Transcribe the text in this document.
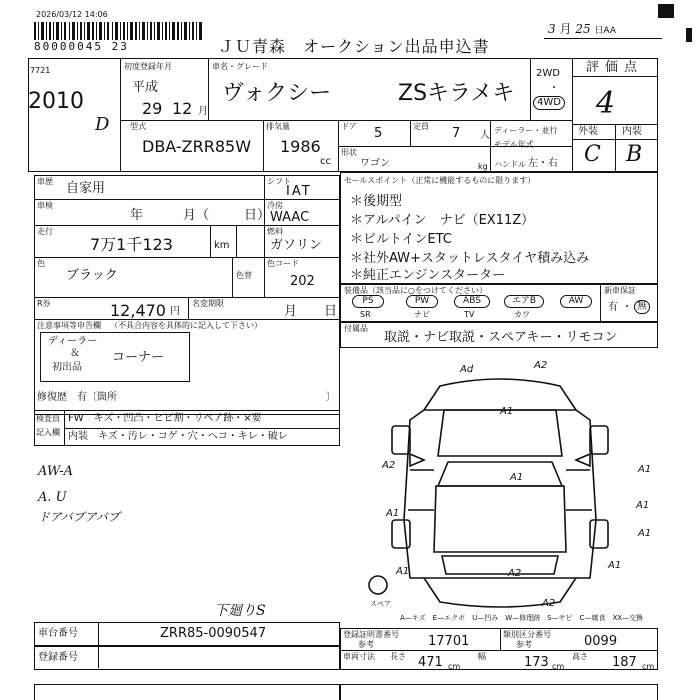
2026/03/12 14:06
80000045 23	ＪＵ青森　オークション出品申込書
3 月 25 日AA
7721
2010
D
初度登録年月
平成
29 12 月
車名・グレード
ヴォクシー	ZSキラメキ
2WD
・
4WD
評価点
4
外装 内装
C B
型式
DBA-ZRR85W
排気量
1986
cc
ドア 5	定員 7 人 ディーラー・並行
形状
ワゴン	kg
モデル年式
ハンドル 左・右
車歴 自家用	シフト
IAT
車検
年	月（	日）
冷房
WAAC
走行
7万1千123	km
燃料
ガソリン
色
ブラック	色替
色コード
202
R券	12,470 円
名変期限
月 日
注意事項等申告欄 （不具合内容を具体的に記入して下さい）
ディーラー
＆
初出品
コーナー
修復歴　有〔箇所	〕
検査員
記入欄
FW　キズ・凹凸・ヒビ割・リペア跡・×要
内装　キズ・汚レ・コゲ・穴・ヘコ・キレ・破レ
AW-A
A. U
ドアバブアバブ
下廻りS
セールスポイント（正常に機能するものに限ります）
＊後期型
＊アルパイン　ナビ（EX11Z）
＊ビルトインETC
＊社外AW+スタットレスタイヤ積み込み
＊純正エンジンスターター
装備品（該当品に○をつけてください）
PS	PW	ABS	エアB	AW
SR	ナビ	TV	カワ
新車保証
有 ・ 無
付属品
取説・ナビ取説・スペアキー・リモコン
Ad	A2
A1
A2	A1
A1
A1
A1
A2
A1
A1
A1
A2
スペア
A—キズ　E—エクボ　U—凹み　W—修理跡　S—サビ　C—腐食　XX—交換
車台番号	ZRR85-0090547
登録番号
登録証明書番号
参考	17701	類別区分番号
参考	0099
車両寸法 長さ 471 cm
幅	173 cm
高さ 187 cm
